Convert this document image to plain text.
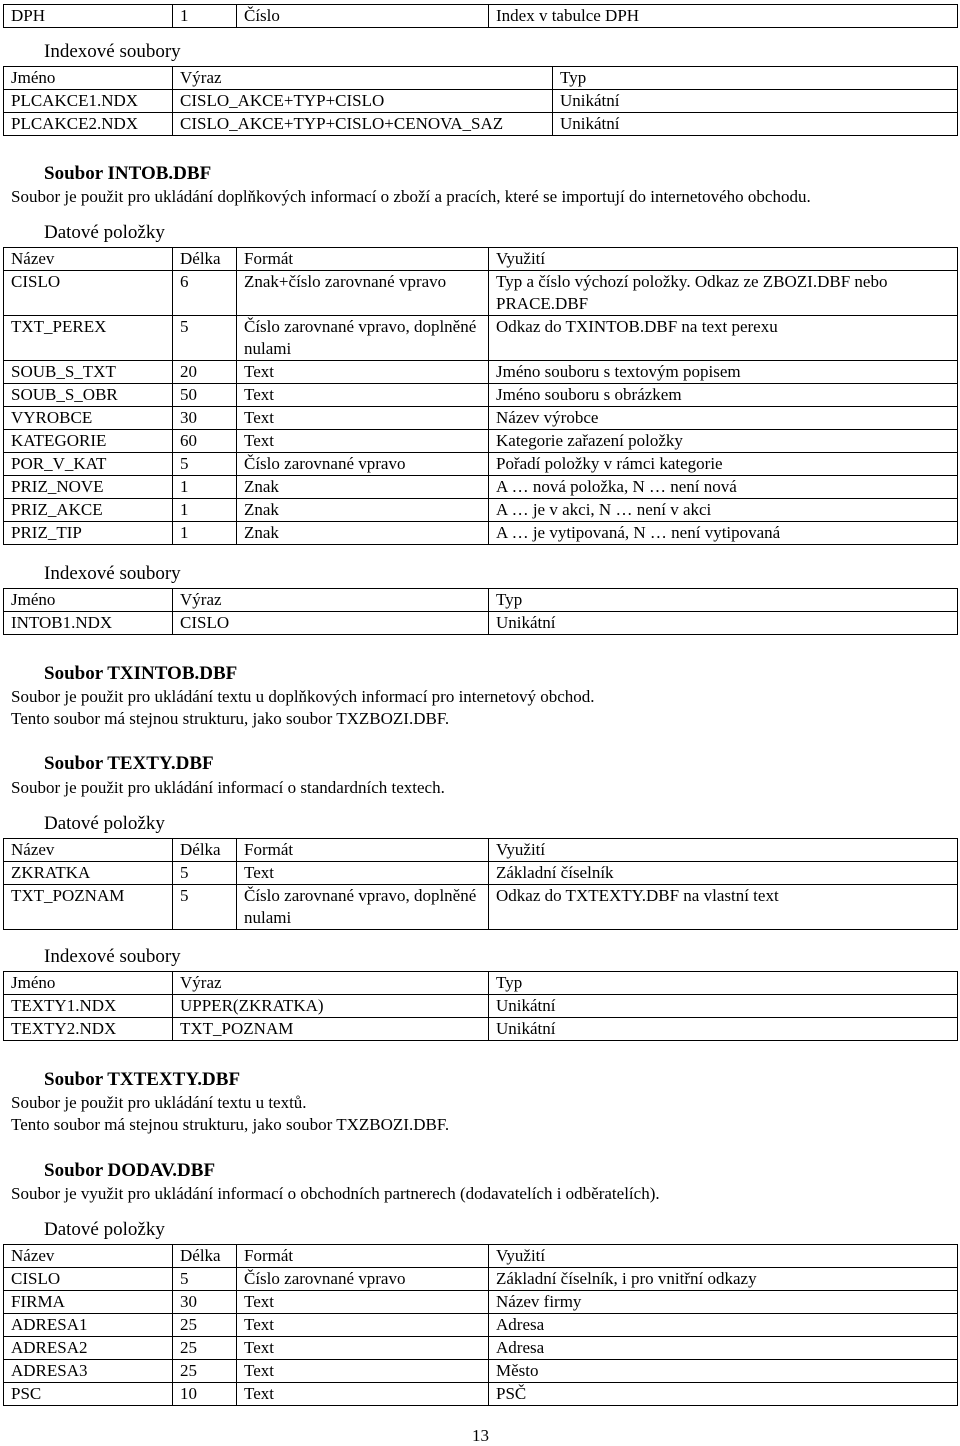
DPH	1	Číslo	Index v tabulce DPH
Indexové soubory
Jméno	Výraz	Typ
PLCAKCE1.NDX	CISLO_AKCE+TYP+CISLO	Unikátní
PLCAKCE2.NDX	CISLO_AKCE+TYP+CISLO+CENOVA_SAZ	Unikátní
Soubor INTOB.DBF
Soubor je použit pro ukládání doplňkových informací o zboží a pracích, které se importují do internetového obchodu.
Datové položky
Název	Délka	Formát	Využití
CISLO	6	Znak+číslo zarovnané vpravo	Typ a číslo výchozí položky. Odkaz ze ZBOZI.DBF nebo PRACE.DBF
TXT_PEREX	5	Číslo zarovnané vpravo, doplněné nulami	Odkaz do TXINTOB.DBF na text perexu
SOUB_S_TXT	20	Text	Jméno souboru s textovým popisem
SOUB_S_OBR	50	Text	Jméno souboru s obrázkem
VYROBCE	30	Text	Název výrobce
KATEGORIE	60	Text	Kategorie zařazení položky
POR_V_KAT	5	Číslo zarovnané vpravo	Pořadí položky v rámci kategorie
PRIZ_NOVE	1	Znak	A … nová položka, N … není nová
PRIZ_AKCE	1	Znak	A … je v akci, N … není v akci
PRIZ_TIP	1	Znak	A … je vytipovaná, N … není vytipovaná
Indexové soubory
Jméno	Výraz	Typ
INTOB1.NDX	CISLO	Unikátní
Soubor TXINTOB.DBF
Soubor je použit pro ukládání textu u doplňkových informací pro internetový obchod.
Tento soubor má stejnou strukturu, jako soubor TXZBOZI.DBF.
Soubor TEXTY.DBF
Soubor je použit pro ukládání informací o standardních textech.
Datové položky
Název	Délka	Formát	Využití
ZKRATKA	5	Text	Základní číselník
TXT_POZNAM	5	Číslo zarovnané vpravo, doplněné nulami	Odkaz do TXTEXTY.DBF na vlastní text
Indexové soubory
Jméno	Výraz	Typ
TEXTY1.NDX	UPPER(ZKRATKA)	Unikátní
TEXTY2.NDX	TXT_POZNAM	Unikátní
Soubor TXTEXTY.DBF
Soubor je použit pro ukládání textu u textů.
Tento soubor má stejnou strukturu, jako soubor TXZBOZI.DBF.
Soubor DODAV.DBF
Soubor je využit pro ukládání informací o obchodních partnerech (dodavatelích i odběratelích).
Datové položky
Název	Délka	Formát	Využití
CISLO	5	Číslo zarovnané vpravo	Základní číselník, i pro vnitřní odkazy
FIRMA	30	Text	Název firmy
ADRESA1	25	Text	Adresa
ADRESA2	25	Text	Adresa
ADRESA3	25	Text	Město
PSC	10	Text	PSČ
13
